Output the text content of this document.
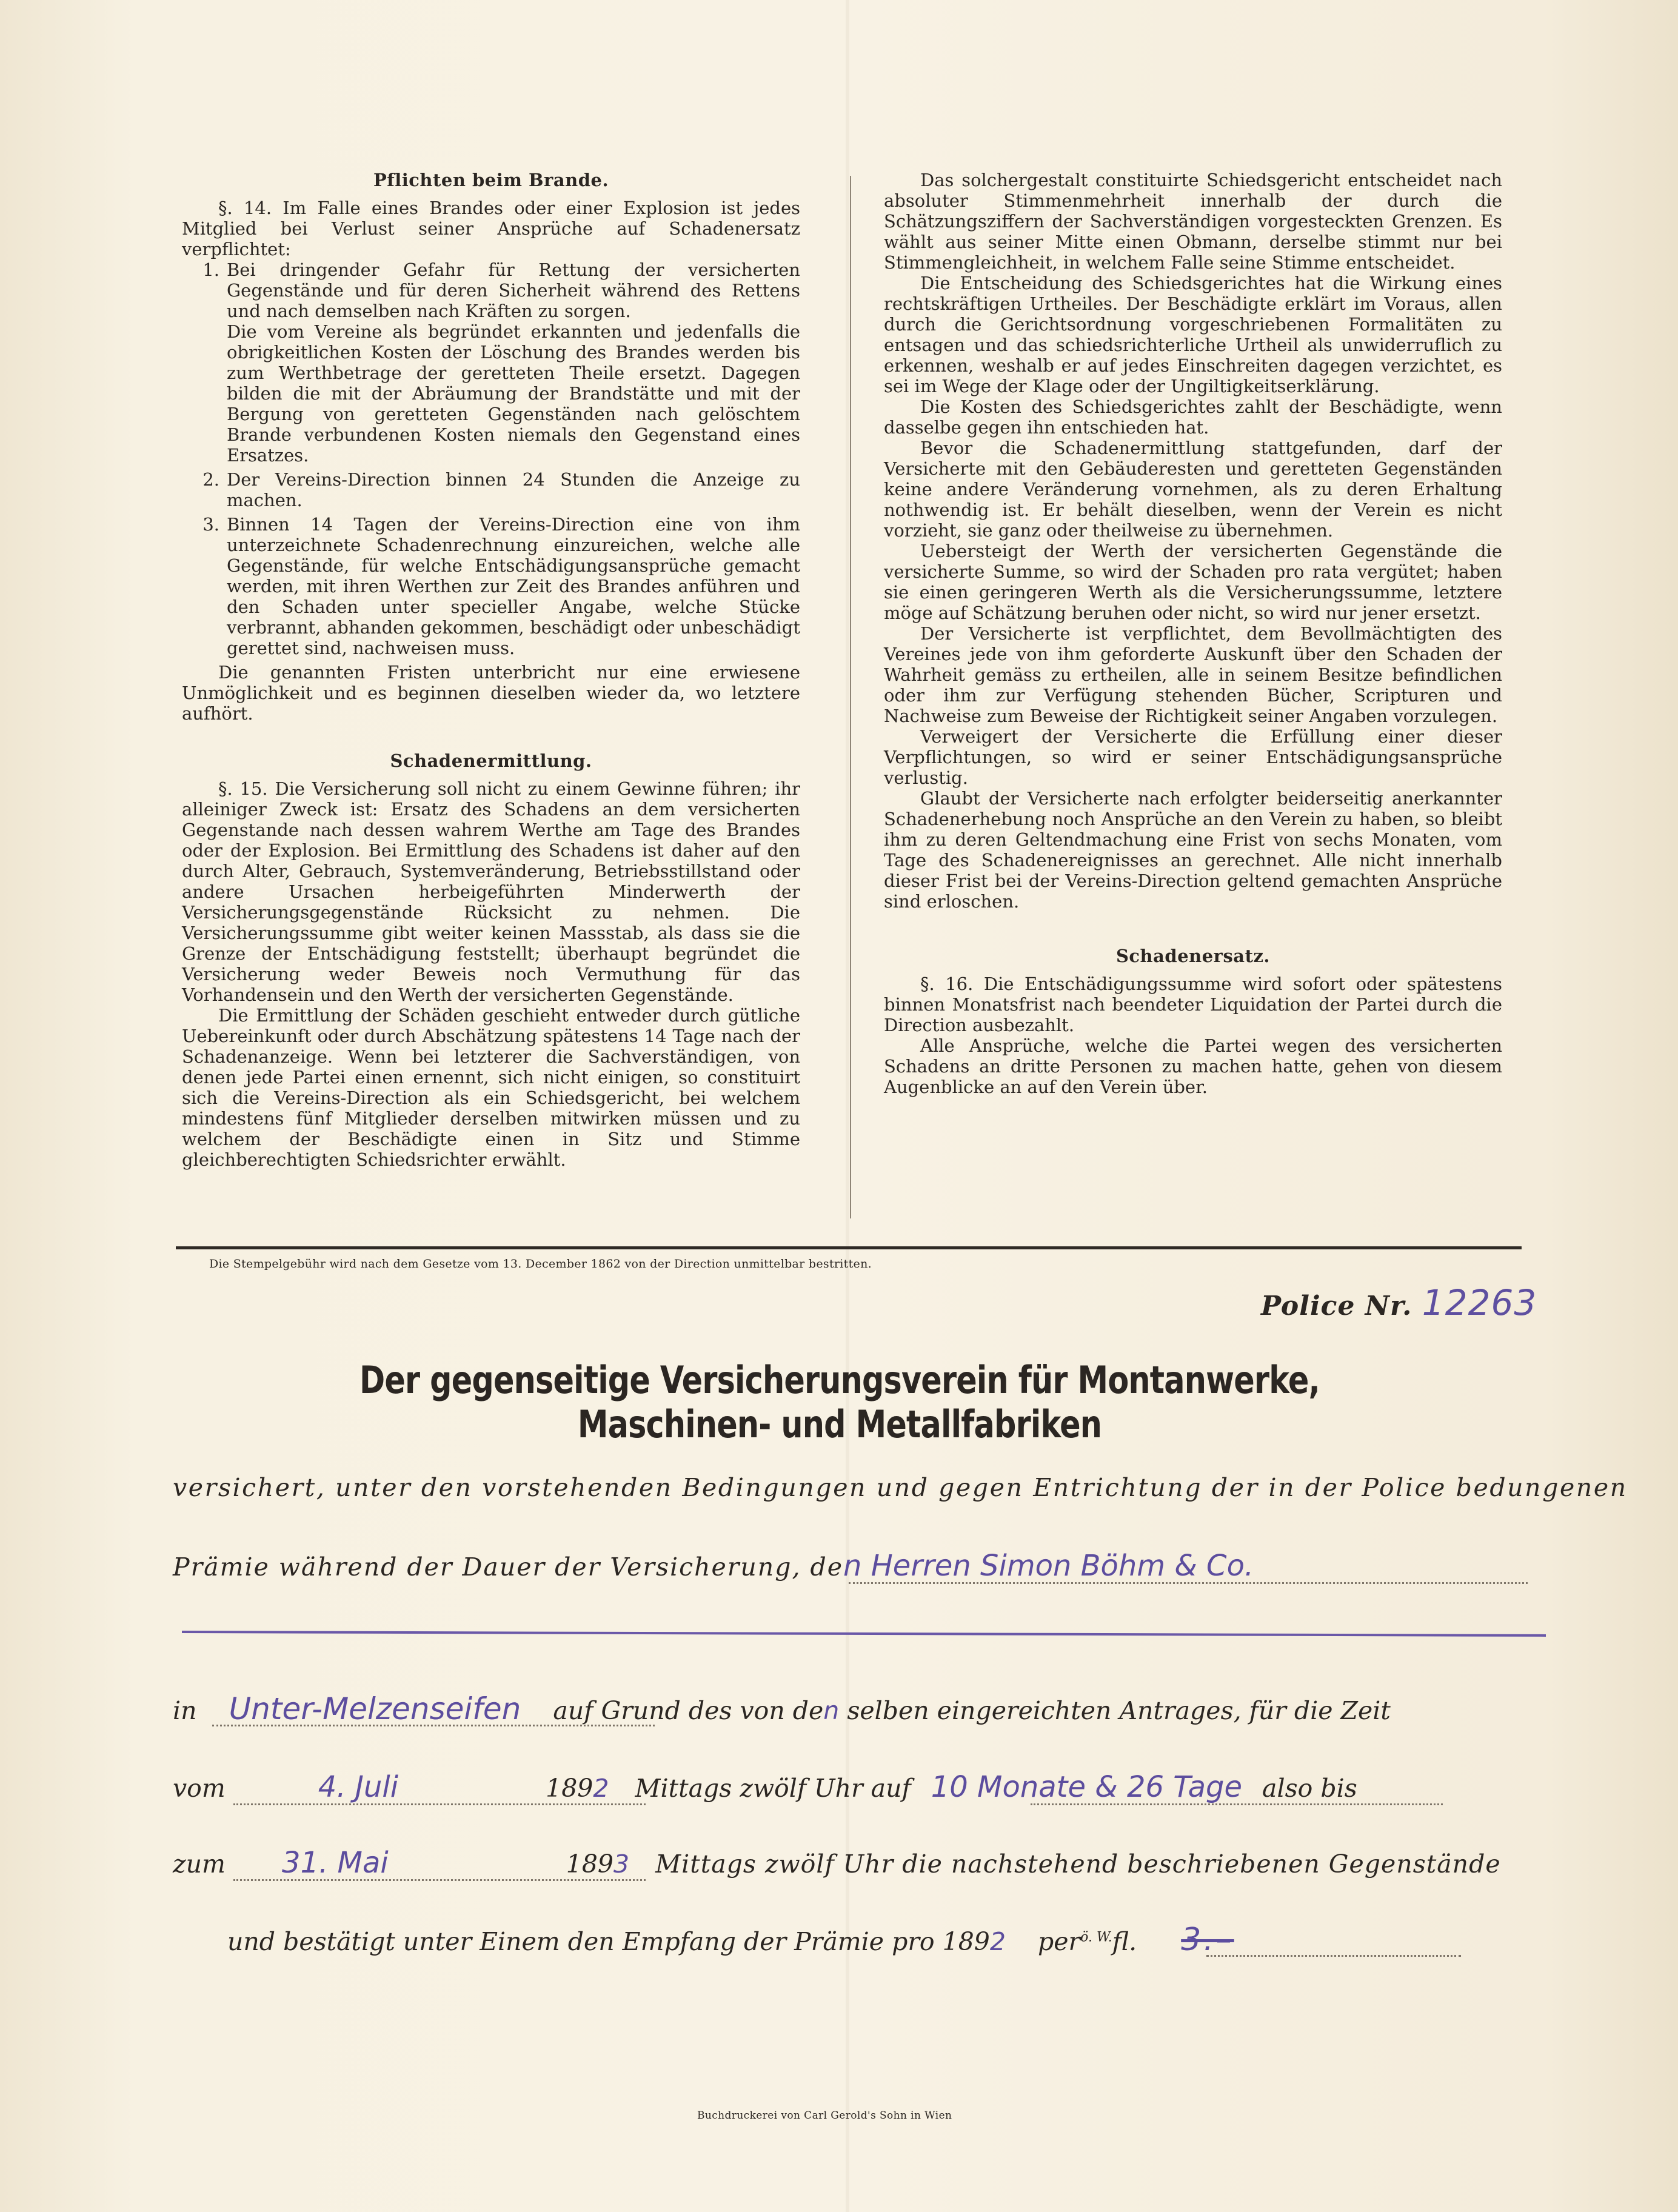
Pflichten beim Brande.

§. 14. Im Falle eines Brandes oder einer Explosion ist jedes Mitglied bei Verlust seiner Ansprüche auf Schadenersatz verpflichtet:

1. Bei dringender Gefahr für Rettung der versicherten Gegenstände und für deren Sicherheit während des Rettens und nach demselben nach Kräften zu sorgen.

Die vom Vereine als begründet erkannten und jedenfalls die obrigkeitlichen Kosten der Löschung des Brandes werden bis zum Werthbetrage der geretteten Theile ersetzt. Dagegen bilden die mit der Abräumung der Brandstätte und mit der Bergung von geretteten Gegenständen nach gelöschtem Brande verbundenen Kosten niemals den Gegenstand eines Ersatzes.

2. Der Vereins-Direction binnen 24 Stunden die Anzeige zu machen.

3. Binnen 14 Tagen der Vereins-Direction eine von ihm unterzeichnete Schadenrechnung einzureichen, welche alle Gegenstände, für welche Entschädigungsansprüche gemacht werden, mit ihren Werthen zur Zeit des Brandes anführen und den Schaden unter specieller Angabe, welche Stücke verbrannt, abhanden gekommen, beschädigt oder unbeschädigt gerettet sind, nachweisen muss.

Die genannten Fristen unterbricht nur eine erwiesene Unmöglichkeit und es beginnen dieselben wieder da, wo letztere aufhört.

Schadenermittlung.

§. 15. Die Versicherung soll nicht zu einem Gewinne führen; ihr alleiniger Zweck ist: Ersatz des Schadens an dem versicherten Gegenstande nach dessen wahrem Werthe am Tage des Brandes oder der Explosion. Bei Ermittlung des Schadens ist daher auf den durch Alter, Gebrauch, Systemveränderung, Betriebsstillstand oder andere Ursachen herbeigeführten Minderwerth der Versicherungsgegenstände Rücksicht zu nehmen. Die Versicherungssumme gibt weiter keinen Massstab, als dass sie die Grenze der Entschädigung feststellt; überhaupt begründet die Versicherung weder Beweis noch Vermuthung für das Vorhandensein und den Werth der versicherten Gegenstände.

Die Ermittlung der Schäden geschieht entweder durch gütliche Uebereinkunft oder durch Abschätzung spätestens 14 Tage nach der Schadenanzeige. Wenn bei letzterer die Sachverständigen, von denen jede Partei einen ernennt, sich nicht einigen, so constituirt sich die Vereins-Direction als ein Schiedsgericht, bei welchem mindestens fünf Mitglieder derselben mitwirken müssen und zu welchem der Beschädigte einen in Sitz und Stimme gleichberechtigten Schiedsrichter erwählt.

Das solchergestalt constituirte Schiedsgericht entscheidet nach absoluter Stimmenmehrheit innerhalb der durch die Schätzungsziffern der Sachverständigen vorgesteckten Grenzen. Es wählt aus seiner Mitte einen Obmann, derselbe stimmt nur bei Stimmengleichheit, in welchem Falle seine Stimme entscheidet.

Die Entscheidung des Schiedsgerichtes hat die Wirkung eines rechtskräftigen Urtheiles. Der Beschädigte erklärt im Voraus, allen durch die Gerichtsordnung vorgeschriebenen Formalitäten zu entsagen und das schiedsrichterliche Urtheil als unwiderruflich zu erkennen, weshalb er auf jedes Einschreiten dagegen verzichtet, es sei im Wege der Klage oder der Ungiltigkeitserklärung.

Die Kosten des Schiedsgerichtes zahlt der Beschädigte, wenn dasselbe gegen ihn entschieden hat.

Bevor die Schadenermittlung stattgefunden, darf der Versicherte mit den Gebäuderesten und geretteten Gegenständen keine andere Veränderung vornehmen, als zu deren Erhaltung nothwendig ist. Er behält dieselben, wenn der Verein es nicht vorzieht, sie ganz oder theilweise zu übernehmen.

Uebersteigt der Werth der versicherten Gegenstände die versicherte Summe, so wird der Schaden pro rata vergütet; haben sie einen geringeren Werth als die Versicherungssumme, letztere möge auf Schätzung beruhen oder nicht, so wird nur jener ersetzt.

Der Versicherte ist verpflichtet, dem Bevollmächtigten des Vereines jede von ihm geforderte Auskunft über den Schaden der Wahrheit gemäss zu ertheilen, alle in seinem Besitze befindlichen oder ihm zur Verfügung stehenden Bücher, Scripturen und Nachweise zum Beweise der Richtigkeit seiner Angaben vorzulegen.

Verweigert der Versicherte die Erfüllung einer dieser Verpflichtungen, so wird er seiner Entschädigungsansprüche verlustig.

Glaubt der Versicherte nach erfolgter beiderseitig anerkannter Schadenerhebung noch Ansprüche an den Verein zu haben, so bleibt ihm zu deren Geltendmachung eine Frist von sechs Monaten, vom Tage des Schadenereignisses an gerechnet. Alle nicht innerhalb dieser Frist bei der Vereins-Direction geltend gemachten Ansprüche sind erloschen.

Schadenersatz.

§. 16. Die Entschädigungssumme wird sofort oder spätestens binnen Monatsfrist nach beendeter Liquidation der Partei durch die Direction ausbezahlt.

Alle Ansprüche, welche die Partei wegen des versicherten Schadens an dritte Personen zu machen hatte, gehen von diesem Augenblicke an auf den Verein über.

Die Stempelgebühr wird nach dem Gesetze vom 13. December 1862 von der Direction unmittelbar bestritten.
Police Nr. 12263
Der gegenseitige Versicherungsverein für Montanwerke, Maschinen- und Metallfabriken
versichert, unter den vorstehenden Bedingungen und gegen Entrichtung der in der Police bedungenen
Prämie während der Dauer der Versicherung, den Herren Simon Böhm & Co.
in Unter-Melzenseifen auf Grund des von den selben eingereichten Antrages, für die Zeit
vom	4. Juli	1892 Mittags zwölf Uhr auf 10 Monate & 26 Tage also bis
zum 31. Mai	1893 Mittags zwölf Uhr die nachstehend beschriebenen Gegenstände
und bestätigt unter Einem den Empfang der Prämie pro 1892 per$^{ö. W.}$fl. 3.–
Buchdruckerei von Carl Gerold's Sohn in Wien
